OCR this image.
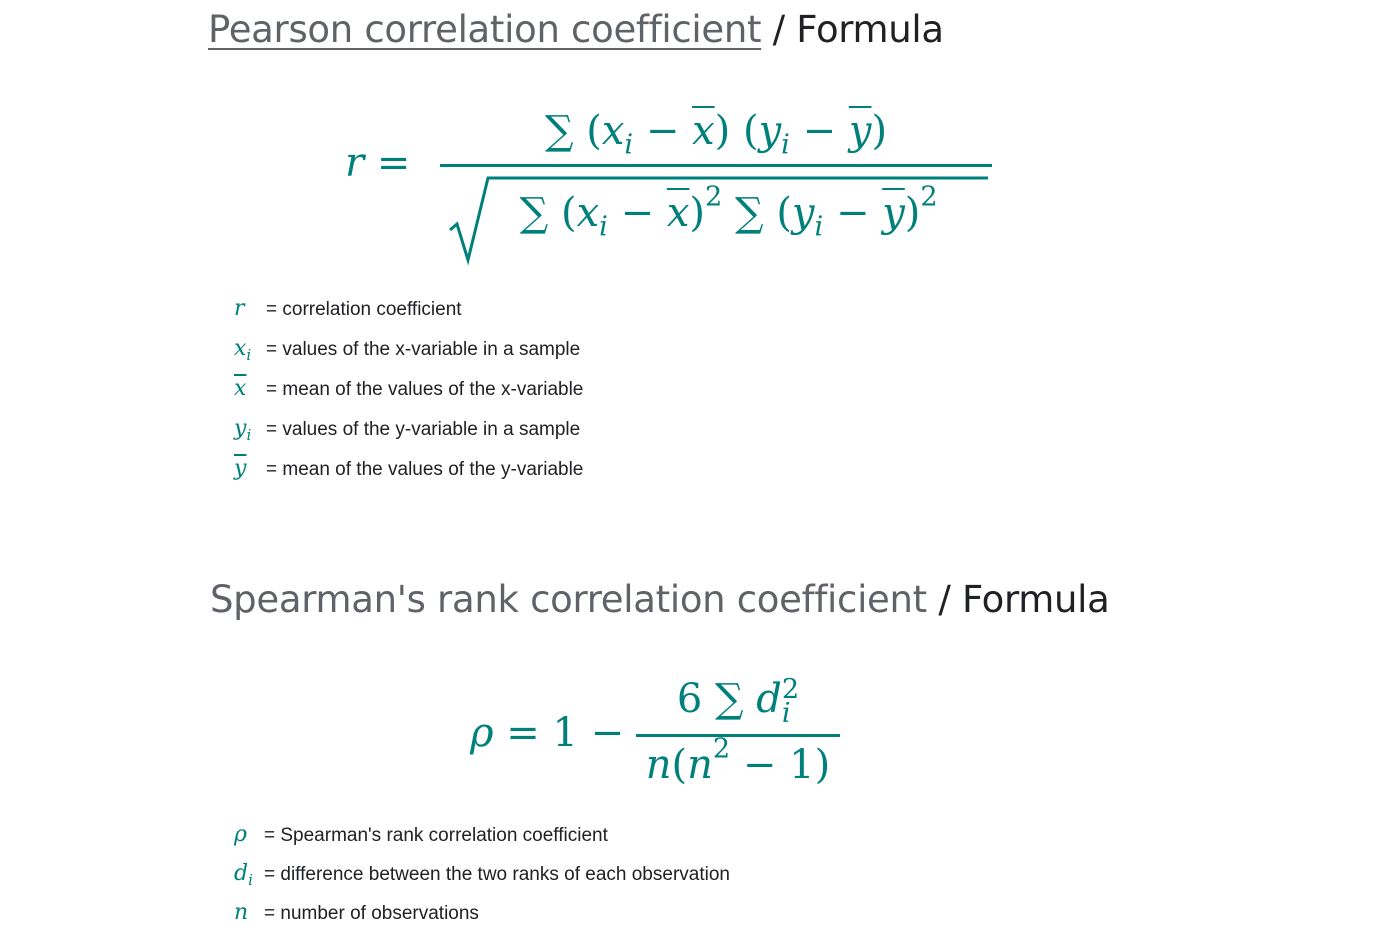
Pearson correlation coefficient / Formula
r =
∑ $(x_i - \overline{x}) (y_i - \overline{y})$
∑ $(x_i - \overline{x})^2$ ∑ $(y_i - \overline{y})^2$
r = correlation coefficient
$x_i$ = values of the x-variable in a sample
$\overline{x}$ = mean of the values of the x-variable
$y_i$ = values of the y-variable in a sample
$\overline{y}$ = mean of the values of the y-variable
Spearman's rank correlation coefficient / Formula
ρ = 1 −
6 ∑ d 2
i
$n(n^2 - 1)$
ρ = Spearman's rank correlation coefficient
$d_i$ = difference between the two ranks of each observation
n = number of observations
